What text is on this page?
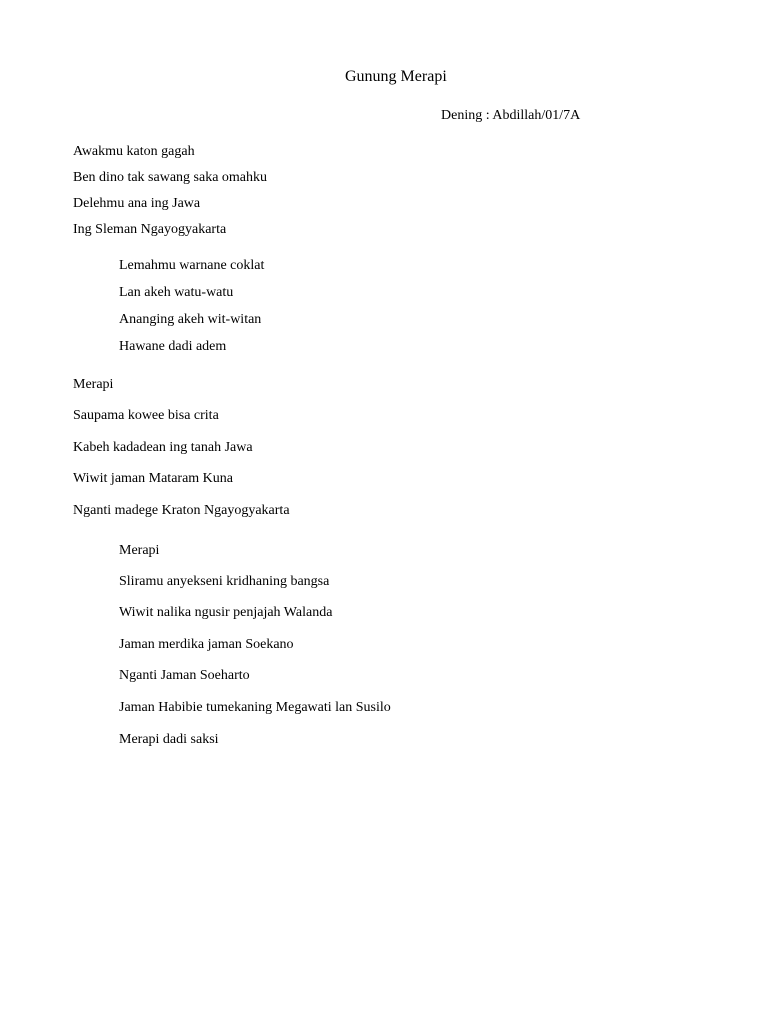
Gunung Merapi
Dening : Abdillah/01/7A
Awakmu katon gagah
Ben dino tak sawang saka omahku
Delehmu ana ing Jawa
Ing Sleman Ngayogyakarta
Lemahmu warnane coklat
Lan akeh watu-watu
Ananging akeh wit-witan
Hawane dadi adem
Merapi
Saupama kowee bisa crita
Kabeh kadadean ing tanah Jawa
Wiwit jaman Mataram Kuna
Nganti madege Kraton Ngayogyakarta
Merapi
Sliramu anyekseni kridhaning bangsa
Wiwit nalika ngusir penjajah Walanda
Jaman merdika jaman Soekano
Nganti Jaman Soeharto
Jaman Habibie tumekaning Megawati lan Susilo
Merapi dadi saksi
